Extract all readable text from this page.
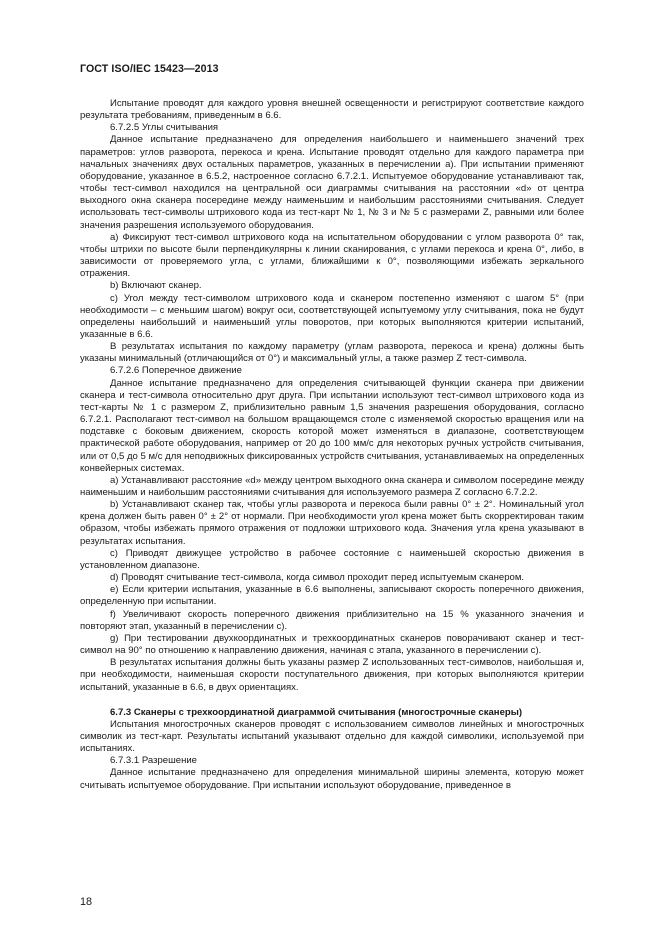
ГОСТ ISO/IEC 15423—2013

Испытание проводят для каждого уровня внешней освещенности и регистрируют соответствие каждого результата требованиям, приведенным в 6.6.

6.7.2.5 Углы считывания

Данное испытание предназначено для определения наибольшего и наименьшего значений трех параметров: углов разворота, перекоса и крена. Испытание проводят отдельно для каждого параметра при начальных значениях двух остальных параметров, указанных в перечислении а). При испытании применяют оборудование, указанное в 6.5.2, настроенное согласно 6.7.2.1. Испытуемое оборудование устанавливают так, чтобы тест-символ находился на центральной оси диаграммы считывания на расстоянии «d» от центра выходного окна сканера посередине между наименьшим и наибольшим расстояниями считывания. Следует использовать тест-символы штрихового кода из тест-карт № 1, № 3 и № 5 с размерами Z, равными или более значения разрешения используемого оборудования.

а) Фиксируют тест-символ штрихового кода на испытательном оборудовании с углом разворота 0° так, чтобы штрихи по высоте были перпендикулярны к линии сканирования, с углами перекоса и крена 0°, либо, в зависимости от проверяемого угла, с углами, ближайшими к 0°, позволяющими избежать зеркального отражения.

b) Включают сканер.

с) Угол между тест-символом штрихового кода и сканером постепенно изменяют с шагом 5° (при необходимости – с меньшим шагом) вокруг оси, соответствующей испытуемому углу считывания, пока не будут определены наибольший и наименьший углы поворотов, при которых выполняются критерии испытаний, указанные в 6.6.

В результатах испытания по каждому параметру (углам разворота, перекоса и крена) должны быть указаны минимальный (отличающийся от 0°) и максимальный углы, а также размер Z тест-символа.

6.7.2.6 Поперечное движение

Данное испытание предназначено для определения считывающей функции сканера при движении сканера и тест-символа относительно друг друга. При испытании используют тест-символ штрихового кода из тест-карты № 1 с размером Z, приблизительно равным 1,5 значения разрешения оборудования, согласно 6.7.2.1. Располагают тест-символ на большом вращающемся столе с изменяемой скоростью вращения или на подставке с боковым движением, скорость которой может изменяться в диапазоне, соответствующем практической работе оборудования, например от 20 до 100 мм/с для некоторых ручных устройств считывания, или от 0,5 до 5 м/с для неподвижных фиксированных устройств считывания, устанавливаемых на определенных конвейерных системах.

а) Устанавливают расстояние «d» между центром выходного окна сканера и символом посередине между наименьшим и наибольшим расстояниями считывания для используемого размера Z согласно 6.7.2.2.

b) Устанавливают сканер так, чтобы углы разворота и перекоса были равны 0° ± 2°. Номинальный угол крена должен быть равен 0° ± 2° от нормали. При необходимости угол крена может быть скорректирован таким образом, чтобы избежать прямого отражения от подложки штрихового кода. Значения угла крена указывают в результатах испытания.

с) Приводят движущее устройство в рабочее состояние с наименьшей скоростью движения в установленном диапазоне.

d) Проводят считывание тест-символа, когда символ проходит перед испытуемым сканером.

е) Если критерии испытания, указанные в 6.6 выполнены, записывают скорость поперечного движения, определенную при испытании.

f) Увеличивают скорость поперечного движения приблизительно на 15 % указанного значения и повторяют этап, указанный в перечислении с).

g) При тестировании двухкоординатных и трехкоординатных сканеров поворачивают сканер и тест-символ на 90° по отношению к направлению движения, начиная с этапа, указанного в перечислении с).

В результатах испытания должны быть указаны размер Z использованных тест-символов, наибольшая и, при необходимости, наименьшая скорости поступательного движения, при которых выполняются критерии испытаний, указанные в 6.6, в двух ориентациях.

6.7.3 Сканеры с трехкоординатной диаграммой считывания (многострочные сканеры)

Испытания многострочных сканеров проводят с использованием символов линейных и многострочных символик из тест-карт. Результаты испытаний указывают отдельно для каждой символики, используемой при испытаниях.

6.7.3.1 Разрешение

Данное испытание предназначено для определения минимальной ширины элемента, которую может считывать испытуемое оборудование. При испытании используют оборудование, приведенное в

18
